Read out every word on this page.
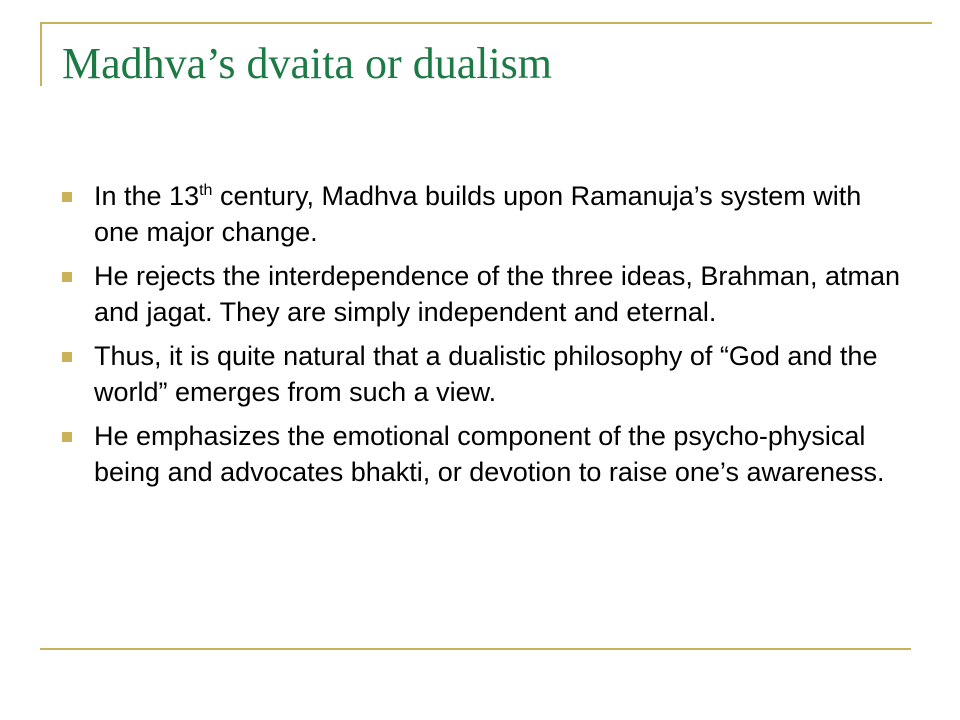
Madhva’s dvaita or dualism
In the 13th century, Madhva builds upon Ramanuja’s system with one major change.
He rejects the interdependence of the three ideas, Brahman, atman and jagat. They are simply independent and eternal.
Thus, it is quite natural that a dualistic philosophy of “God and the world” emerges from such a view.
He emphasizes the emotional component of the psycho-physical being and advocates bhakti, or devotion to raise one’s awareness.
